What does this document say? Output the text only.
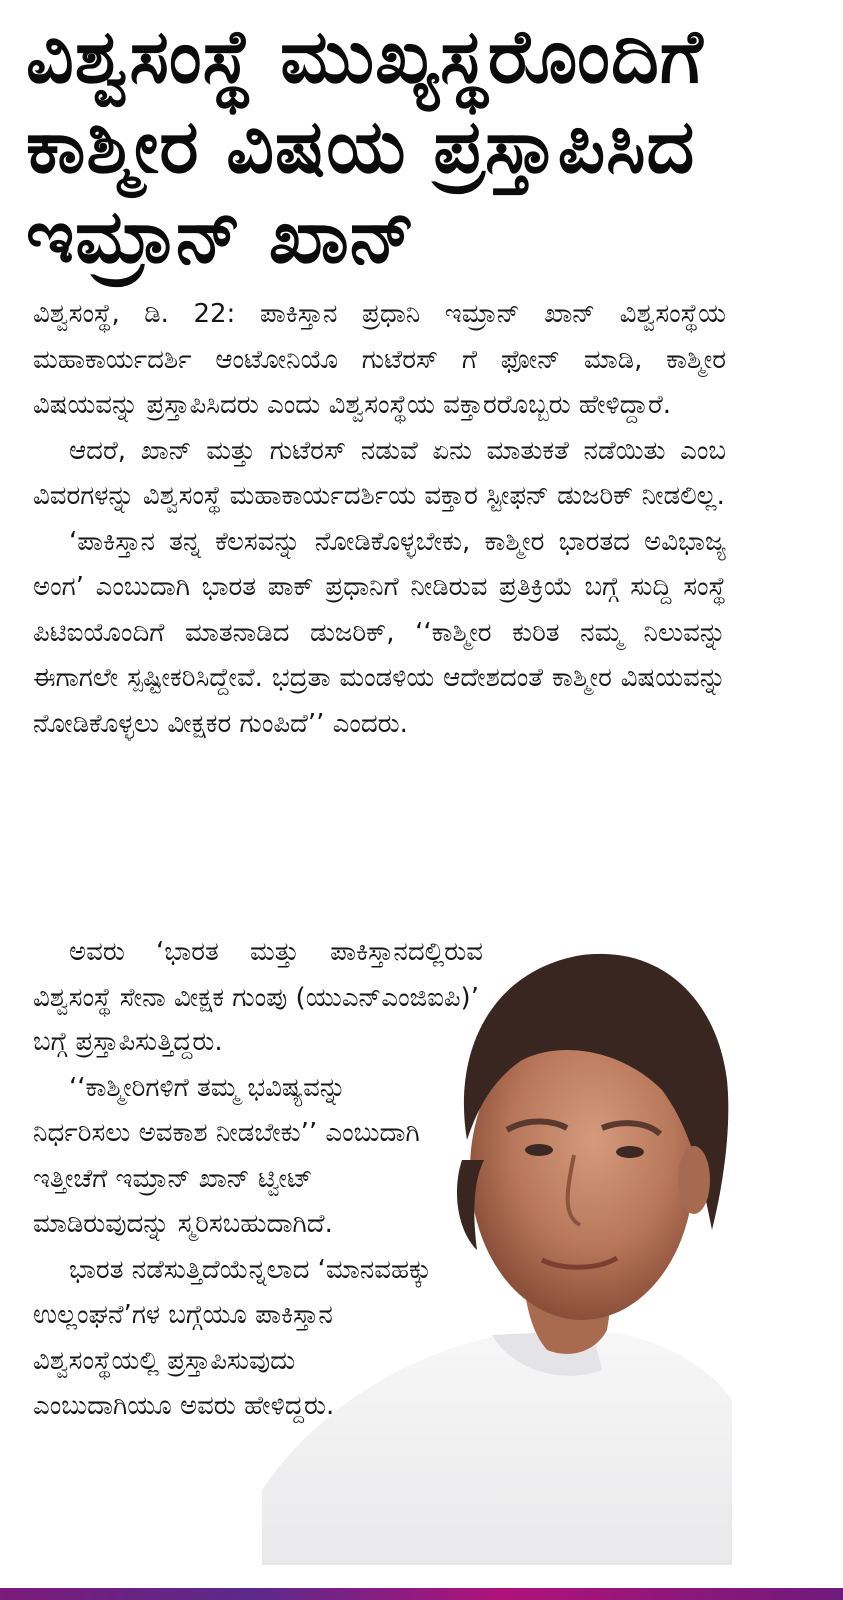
ವಿಶ್ವಸಂಸ್ಥೆ ಮುಖ್ಯಸ್ಥರೊಂದಿಗೆ
ಕಾಶ್ಮೀರ ವಿಷಯ ಪ್ರಸ್ತಾಪಿಸಿದ
ಇಮ್ರಾನ್ ಖಾನ್

ವಿಶ್ವಸಂಸ್ಥೆ, ಡಿ. 22: ಪಾಕಿಸ್ತಾನ ಪ್ರಧಾನಿ ಇಮ್ರಾನ್ ಖಾನ್ ವಿಶ್ವಸಂಸ್ಥೆಯ ಮಹಾಕಾರ್ಯದರ್ಶಿ ಆಂಟೋನಿಯೊ ಗುಟೆರಸ್ ಗೆ ಫೋನ್ ಮಾಡಿ, ಕಾಶ್ಮೀರ ವಿಷಯವನ್ನು ಪ್ರಸ್ತಾಪಿಸಿದರು ಎಂದು ವಿಶ್ವಸಂಸ್ಥೆಯ ವಕ್ತಾರರೊಬ್ಬರು ಹೇಳಿದ್ದಾರೆ.

ಆದರೆ, ಖಾನ್ ಮತ್ತು ಗುಟೆರಸ್ ನಡುವೆ ಏನು ಮಾತುಕತೆ ನಡೆಯಿತು ಎಂಬ ವಿವರಗಳನ್ನು ವಿಶ್ವಸಂಸ್ಥೆ ಮಹಾಕಾರ್ಯದರ್ಶಿಯ ವಕ್ತಾರ ಸ್ಟೀಫನ್ ಡುಜರಿಕ್ ನೀಡಲಿಲ್ಲ.

‘ಪಾಕಿಸ್ತಾನ ತನ್ನ ಕೆಲಸವನ್ನು ನೋಡಿಕೊಳ್ಳಬೇಕು, ಕಾಶ್ಮೀರ ಭಾರತದ ಅವಿಭಾಜ್ಯ ಅಂಗ’ ಎಂಬುದಾಗಿ ಭಾರತ ಪಾಕ್ ಪ್ರಧಾನಿಗೆ ನೀಡಿರುವ ಪ್ರತಿಕ್ರಿಯೆ ಬಗ್ಗೆ ಸುದ್ದಿ ಸಂಸ್ಥೆ ಪಿಟಿಐಯೊಂದಿಗೆ ಮಾತನಾಡಿದ ಡುಜರಿಕ್, ‘‘ಕಾಶ್ಮೀರ ಕುರಿತ ನಮ್ಮ ನಿಲುವನ್ನು ಈಗಾಗಲೇ ಸ್ಪಷ್ಟೀಕರಿಸಿದ್ದೇವೆ. ಭದ್ರತಾ ಮಂಡಳಿಯ ಆದೇಶದಂತೆ ಕಾಶ್ಮೀರ ವಿಷಯವನ್ನು ನೋಡಿಕೊಳ್ಳಲು ವೀಕ್ಷಕರ ಗುಂಪಿದೆ’’ ಎಂದರು.

ಅವರು ‘ಭಾರತ ಮತ್ತು ಪಾಕಿಸ್ತಾನದಲ್ಲಿರುವ ವಿಶ್ವಸಂಸ್ಥೆ ಸೇನಾ ವೀಕ್ಷಕ ಗುಂಪು (ಯುಎನ್‌ಎಂಜಿಐಪಿ)’

ಬಗ್ಗೆ ಪ್ರಸ್ತಾಪಿಸುತ್ತಿದ್ದರು.

‘‘ಕಾಶ್ಮೀರಿಗಳಿಗೆ ತಮ್ಮ ಭವಿಷ್ಯವನ್ನು ನಿರ್ಧರಿಸಲು ಅವಕಾಶ ನೀಡಬೇಕು’’ ಎಂಬುದಾಗಿ ಇತ್ತೀಚೆಗೆ ಇಮ್ರಾನ್ ಖಾನ್ ಟ್ವೀಟ್ ಮಾಡಿರುವುದನ್ನು ಸ್ಮರಿಸಬಹುದಾಗಿದೆ.

ಭಾರತ ನಡೆಸುತ್ತಿದೆಯೆನ್ನಲಾದ ‘ಮಾನವಹಕ್ಕು ಉಲ್ಲಂಘನೆ’ಗಳ ಬಗ್ಗೆಯೂ ಪಾಕಿಸ್ತಾನ ವಿಶ್ವಸಂಸ್ಥೆಯಲ್ಲಿ ಪ್ರಸ್ತಾಪಿಸುವುದು ಎಂಬುದಾಗಿಯೂ ಅವರು ಹೇಳಿದ್ದರು.
